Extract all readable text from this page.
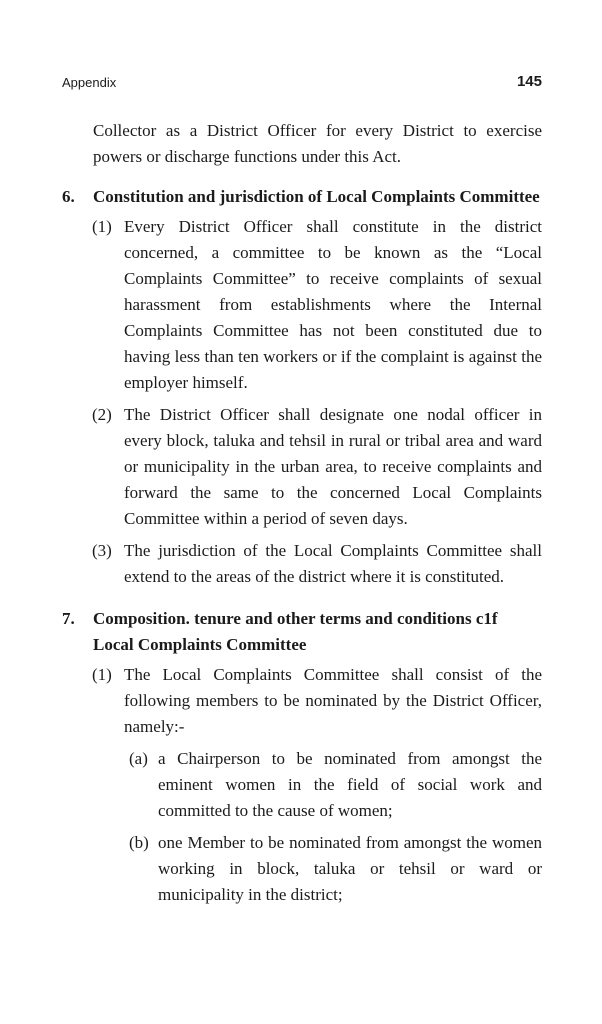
Appendix	145

Collector as a District Officer for every District to exercise powers or discharge functions under this Act.

6.	Constitution and jurisdiction of Local Complaints Committee
(1) Every District Officer shall constitute in the district concerned, a committee to be known as the “Local Complaints Committee” to receive complaints of sexual harassment from establishments where the Internal Complaints Committee has not been constituted due to having less than ten workers or if the complaint is against the employer himself.
(2) The District Officer shall designate one nodal officer in every block, taluka and tehsil in rural or tribal area and ward or municipality in the urban area, to receive complaints and forward the same to the concerned Local Complaints Committee within a period of seven days.
(3) The jurisdiction of the Local Complaints Committee shall extend to the areas of the district where it is constituted.
7.	Composition. tenure and other terms and conditions c1f Local Complaints Committee
(1) The Local Complaints Committee shall consist of the following members to be nominated by the District Officer, namely:-
(a) a Chairperson to be nominated from amongst the eminent women in the field of social work and committed to the cause of women;
(b) one Member to be nominated from amongst the women working in block, taluka or tehsil or ward or municipality in the district;
